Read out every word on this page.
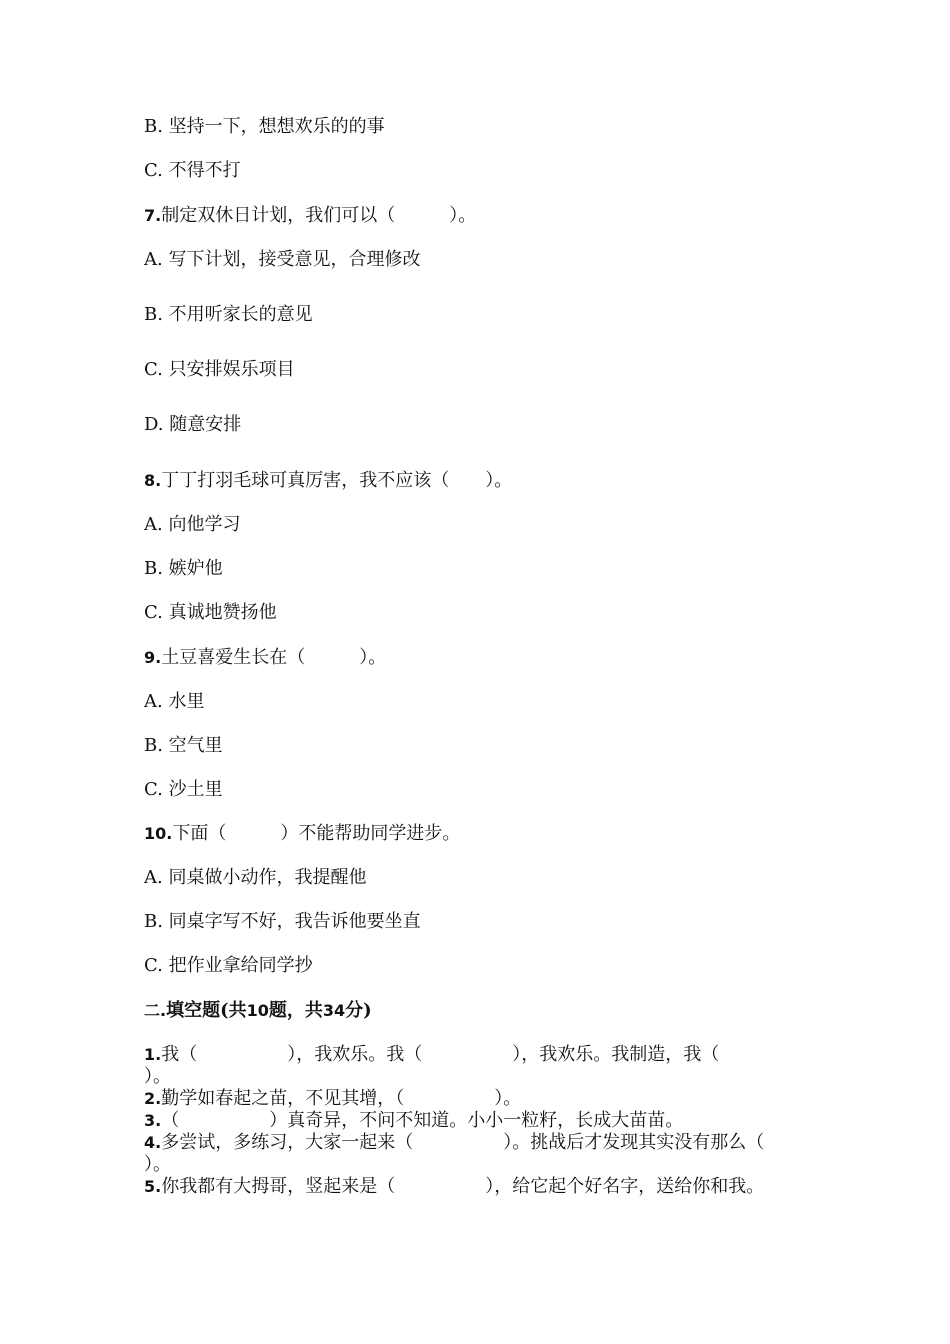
B. 坚持一下，想想欢乐的的事
C. 不得不打
7.制定双休日计划，我们可以（　　　）。
A. 写下计划，接受意见，合理修改
B. 不用听家长的意见
C. 只安排娱乐项目
D. 随意安排
8.丁丁打羽毛球可真厉害，我不应该（　　）。
A. 向他学习
B. 嫉妒他
C. 真诚地赞扬他
9.土豆喜爱生长在（　　　）。
A. 水里
B. 空气里
C. 沙土里
10.下面（　　　）不能帮助同学进步。
A. 同桌做小动作，我提醒他
B. 同桌字写不好，我告诉他要坐直
C. 把作业拿给同学抄
二.填空题(共10题，共34分)
1.我（　　　　　），我欢乐。我（　　　　　），我欢乐。我制造，我（
）。
2.勤学如春起之苗，不见其增，（　　　　　）。
3.（　　　　　）真奇异，不问不知道。小小一粒籽，长成大苗苗。
4.多尝试，多练习，大家一起来（　　　　　）。挑战后才发现其实没有那么（
）。
5.你我都有大拇哥，竖起来是（　　　　　），给它起个好名字，送给你和我。
